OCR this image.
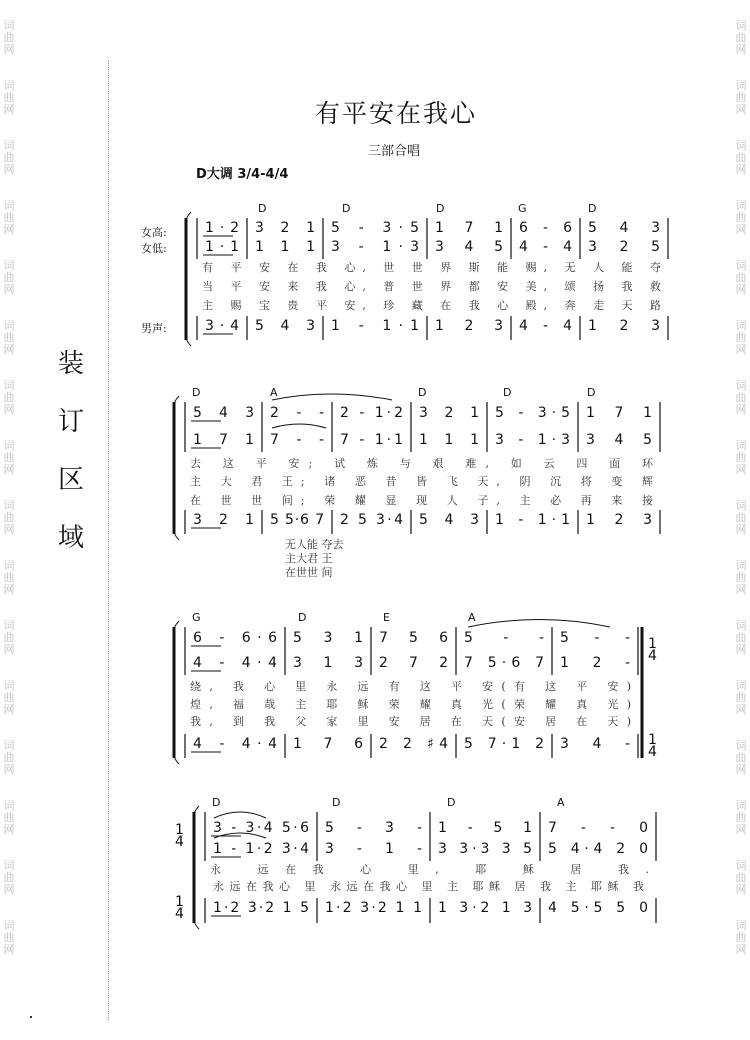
词
曲
网
词
曲
网
词
曲
网
词
曲
网
词
曲
网
词
曲
网
词
曲
网
词
曲
网
词
曲
网
词
曲
网
词
曲
网
词
曲
网
词
曲
网
词
曲
网
词
曲
网
词
曲
网
词
曲
网
词
曲
网
词
曲
网
词
曲
网
词
曲
网
词
曲
网
词
曲
网
词
曲
网
词
曲
网
词
曲
网
词
曲
网
词
曲
网
词
曲
网
词
曲
网
词
曲
网
词
曲
网
装
订
区
域
有平安在我心
三部合唱
D大调 3/4-4/4
女高:
女低:
男声:
D	D	D	G	D
1·2 3 2 1 5 - 3·5 1 7 1 6 - 6 5 4 3
1·1 1 1 1 3 - 1·3 3 4 5 4 - 4 3 2 5
3·4 5 4 3 1 - 1·1 1 2 3 4 - 4 1 2 3
有 平 安 在 我 心, 世 世 界 斯 能 赐, 无 人 能 夺
当 平 安 来 我 心, 普 世 界 都 安 美, 颂 扬 我 救
主 赐 宝 贵 平 安, 珍 藏 在 我 心 殿, 奔 走 天 路
D	A	D	D	D
5 4 3 2 - - 2 - 1·2 3 2 1 5 - 3·5 1 7 1
1 7 1 7 - - 7 - 1·1 1 1 1 3 - 1·3 3 4 5
3 2 1 5 5·6 7 2 5 3·4 5 4 3 1 - 1·1 1 2 3
去 这 平 安; 试 炼 与 艰 难, 如 云 四 面 环
主 大 君 王; 诸 恶 昔 皆 飞 天, 阴 沉 将 变 辉
在 世 世 间; 荣 耀 显 现 人 子, 主 必 再 来 接
无人能 夺去
主大君 王
在世世 间
G	D	E	A
6 - 6·6 5 3 1 7 5 6 5 - - 5 - -
4 - 4·4 3 1 3 2 7 2 7 5·6 7 1 2 -
4 - 4·4 1 7 6 2 2 ♯4 5 7·1 2 3 4 -
绕, 我 心 里 永 远 有 这 平 安(有 这 平 安)
煌, 福 哉 主 耶 稣 荣 耀 真 光(荣 耀 真 光)
我, 到 我 父 家 里 安 居 在 天(安 居 在 天)
1
4
1
4
D	D	D	A
3 - 3·4 5·6 5 - 3 - 1 - 5 1 7 - - 0
1 - 1·2 3·4 3 - 1 - 3 3·3 3 5 5 4·4 2 0
1·2 3·2 1 5 1·2 3·2 1 1 1 3·2 1 3 4 5·5 5 0
永 远在我 心 里, 耶 稣 居 我.
永远在我心 里 永远在我心 里 主 耶稣 居 我 主 耶稣 我
1
4
1
4
